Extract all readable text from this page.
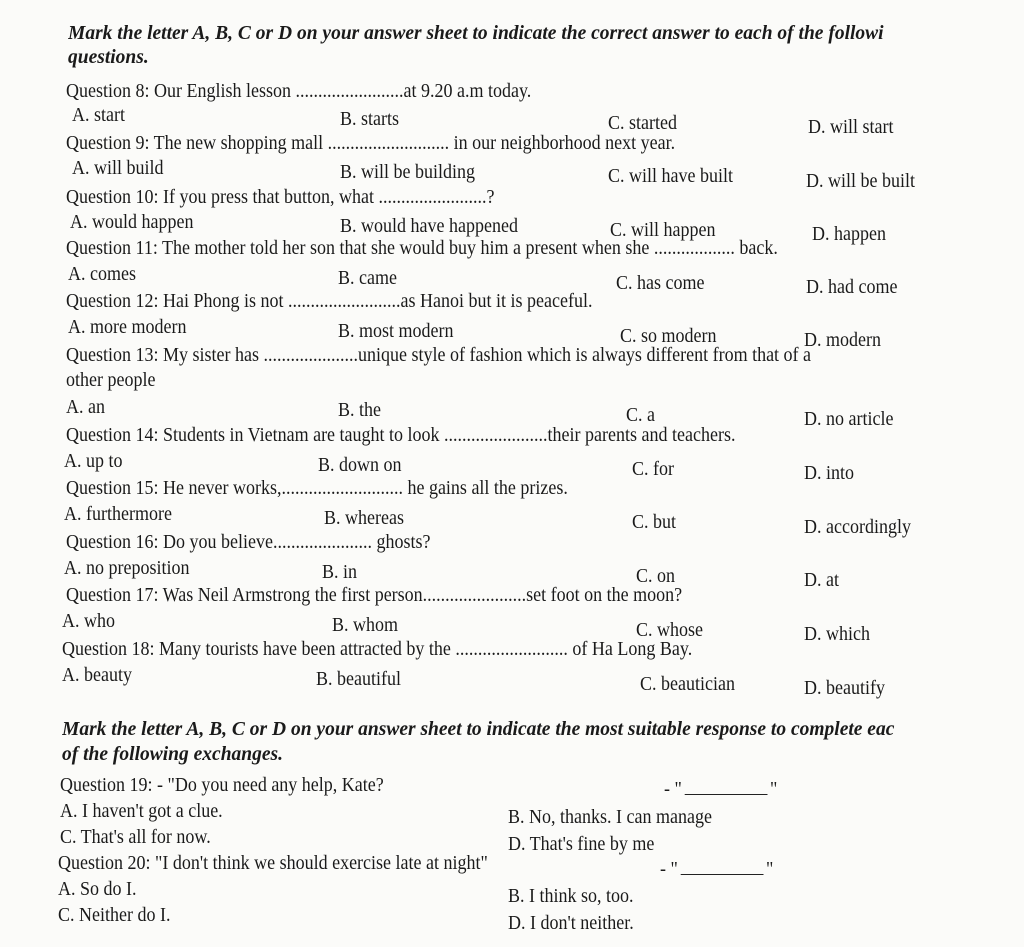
Mark the letter A, B, C or D on your answer sheet to indicate the correct answer to each of the followi
questions.
Question 8: Our English lesson ........................at 9.20 a.m today.
A. start	B. starts	C. started	D. will start
Question 9: The new shopping mall ........................... in our neighborhood next year.
A. will build	B. will be building	C. will have built	D. will be built
Question 10: If you press that button, what ........................?
A. would happen	B. would have happened	C. will happen	D. happen
Question 11: The mother told her son that she would buy him a present when she .................. back.
A. comes	B. came	C. has come	D. had come
Question 12: Hai Phong is not .........................as Hanoi but it is peaceful.
A. more modern	B. most modern	C. so modern	D. modern
Question 13: My sister has .....................unique style of fashion which is always different from that of a
other people
A. an	B. the	C. a	D. no article
Question 14: Students in Vietnam are taught to look .......................their parents and teachers.
A. up to	B. down on	C. for	D. into
Question 15: He never works,........................... he gains all the prizes.
A. furthermore	B. whereas	C. but	D. accordingly
Question 16: Do you believe...................... ghosts?
A. no preposition	B. in	C. on	D. at
Question 17: Was Neil Armstrong the first person.......................set foot on the moon?
A. who	B. whom	C. whose	D. which
Question 18: Many tourists have been attracted by the ......................... of Ha Long Bay.
A. beauty	B. beautiful	C. beautician	D. beautify
Mark the letter A, B, C or D on your answer sheet to indicate the most suitable response to complete eac
of the following exchanges.
Question 19: - "Do you need any help, Kate?	- "	"
A. I haven't got a clue.	B. No, thanks. I can manage
C. That's all for now.	D. That's fine by me
Question 20: "I don't think we should exercise late at night"	- "	"
A. So do I.	B. I think so, too.
C. Neither do I.	D. I don't neither.
